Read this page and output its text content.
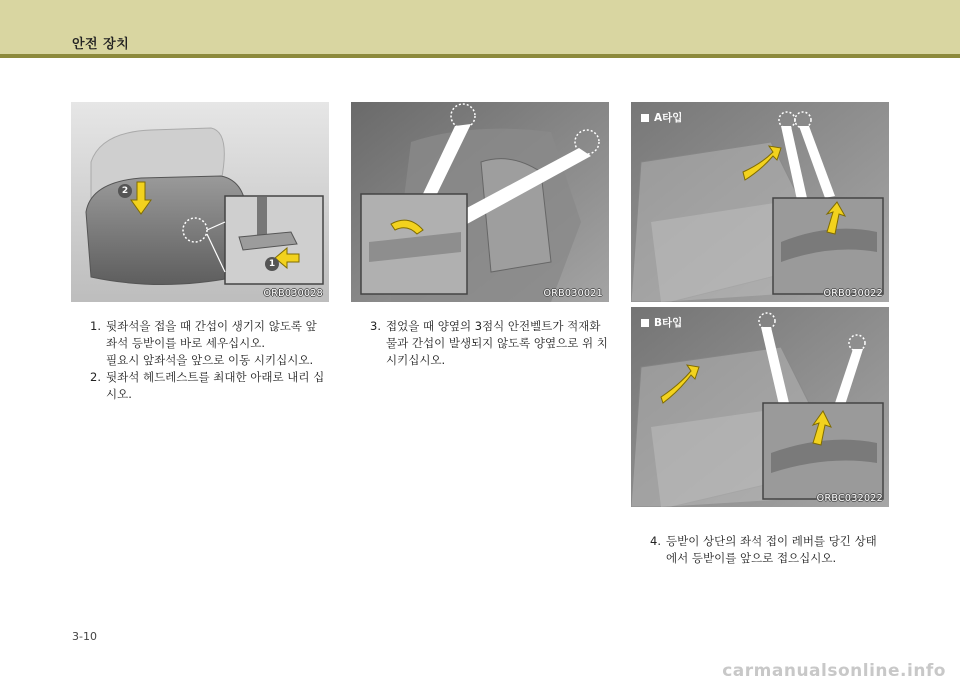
안전 장치
2
1
ORB030028	ORB030021
A타입
ORB030022
B타입
ORBC032022
1. 뒷좌석을 접을 때 간섭이 생기지 않도록 앞 좌석 등받이를 바로 세우십시오.
필요시 앞좌석을 앞으로 이동 시키십시오.
2. 뒷좌석 헤드레스트를 최대한 아래로 내리 십시오.
3. 접었을 때 양옆의 3점식 안전벨트가 적재화 물과 간섭이 발생되지 않도록 양옆으로 위 치 시키십시오.
4. 등받이 상단의 좌석 접이 레버를 당긴 상태 에서 등받이를 앞으로 접으십시오.
3-10
carmanualsonline.info
